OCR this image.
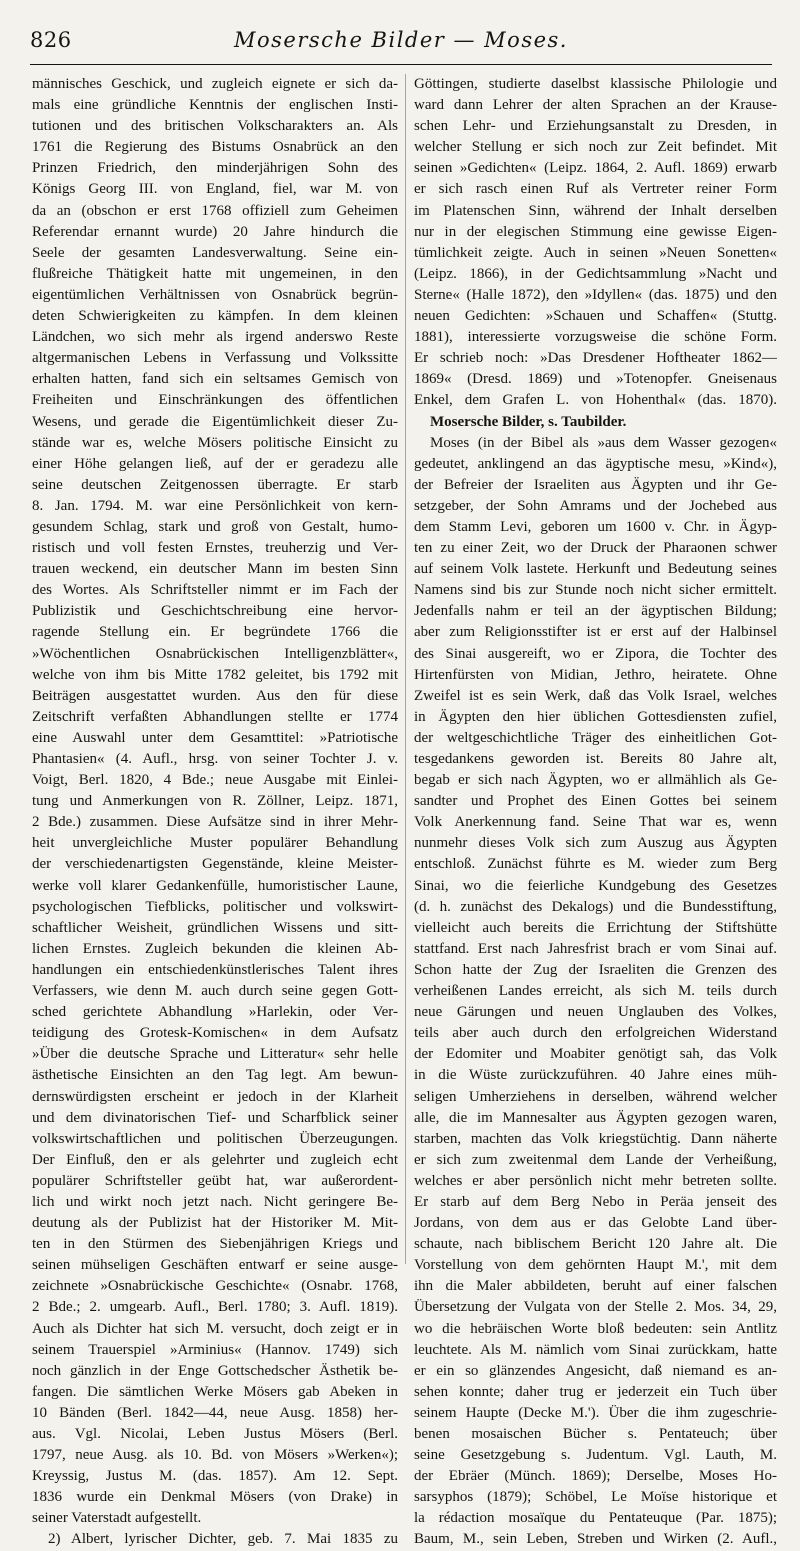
826	Mosersche Bilder — Moses.
männisches Geschick, und zugleich eignete er sich da-
mals eine gründliche Kenntnis der englischen Insti-
tutionen und des britischen Volkscharakters an. Als
1761 die Regierung des Bistums Osnabrück an den
Prinzen Friedrich, den minderjährigen Sohn des
Königs Georg III. von England, fiel, war M. von
da an (obschon er erst 1768 offiziell zum Geheimen
Referendar ernannt wurde) 20 Jahre hindurch die
Seele der gesamten Landesverwaltung. Seine ein-
flußreiche Thätigkeit hatte mit ungemeinen, in den
eigentümlichen Verhältnissen von Osnabrück begrün-
deten Schwierigkeiten zu kämpfen. In dem kleinen
Ländchen, wo sich mehr als irgend anderswo Reste
altgermanischen Lebens in Verfassung und Volkssitte
erhalten hatten, fand sich ein seltsames Gemisch von
Freiheiten und Einschränkungen des öffentlichen
Wesens, und gerade die Eigentümlichkeit dieser Zu-
stände war es, welche Mösers politische Einsicht zu
einer Höhe gelangen ließ, auf der er geradezu alle
seine deutschen Zeitgenossen überragte. Er starb
8. Jan. 1794. M. war eine Persönlichkeit von kern-
gesundem Schlag, stark und groß von Gestalt, humo-
ristisch und voll festen Ernstes, treuherzig und Ver-
trauen weckend, ein deutscher Mann im besten Sinn
des Wortes. Als Schriftsteller nimmt er im Fach der
Publizistik und Geschichtschreibung eine hervor-
ragende Stellung ein. Er begründete 1766 die
»Wöchentlichen Osnabrückischen Intelligenzblätter«,
welche von ihm bis Mitte 1782 geleitet, bis 1792 mit
Beiträgen ausgestattet wurden. Aus den für diese
Zeitschrift verfaßten Abhandlungen stellte er 1774
eine Auswahl unter dem Gesamttitel: »Patriotische
Phantasien« (4. Aufl., hrsg. von seiner Tochter J. v.
Voigt, Berl. 1820, 4 Bde.; neue Ausgabe mit Einlei-
tung und Anmerkungen von R. Zöllner, Leipz. 1871,
2 Bde.) zusammen. Diese Aufsätze sind in ihrer Mehr-
heit unvergleichliche Muster populärer Behandlung
der verschiedenartigsten Gegenstände, kleine Meister-
werke voll klarer Gedankenfülle, humoristischer Laune,
psychologischen Tiefblicks, politischer und volkswirt-
schaftlicher Weisheit, gründlichen Wissens und sitt-
lichen Ernstes. Zugleich bekunden die kleinen Ab-
handlungen ein entschiedenkünstlerisches Talent ihres
Verfassers, wie denn M. auch durch seine gegen Gott-
sched gerichtete Abhandlung »Harlekin, oder Ver-
teidigung des Grotesk-Komischen« in dem Aufsatz
»Über die deutsche Sprache und Litteratur« sehr helle
ästhetische Einsichten an den Tag legt. Am bewun-
dernswürdigsten erscheint er jedoch in der Klarheit
und dem divinatorischen Tief- und Scharfblick seiner
volkswirtschaftlichen und politischen Überzeugungen.
Der Einfluß, den er als gelehrter und zugleich echt
populärer Schriftsteller geübt hat, war außerordent-
lich und wirkt noch jetzt nach. Nicht geringere Be-
deutung als der Publizist hat der Historiker M. Mit-
ten in den Stürmen des Siebenjährigen Kriegs und
seinen mühseligen Geschäften entwarf er seine ausge-
zeichnete »Osnabrückische Geschichte« (Osnabr. 1768,
2 Bde.; 2. umgearb. Aufl., Berl. 1780; 3. Aufl. 1819).
Auch als Dichter hat sich M. versucht, doch zeigt er in
seinem Trauerspiel »Arminius« (Hannov. 1749) sich
noch gänzlich in der Enge Gottschedscher Ästhetik be-
fangen. Die sämtlichen Werke Mösers gab Abeken in
10 Bänden (Berl. 1842—44, neue Ausg. 1858) her-
aus. Vgl. Nicolai, Leben Justus Mösers (Berl.
1797, neue Ausg. als 10. Bd. von Mösers »Werken«);
Kreyssig, Justus M. (das. 1857). Am 12. Sept.
1836 wurde ein Denkmal Mösers (von Drake) in
seiner Vaterstadt aufgestellt.
2) Albert, lyrischer Dichter, geb. 7. Mai 1835 zu
Göttingen, studierte daselbst klassische Philologie und
ward dann Lehrer der alten Sprachen an der Krause-
schen Lehr- und Erziehungsanstalt zu Dresden, in
welcher Stellung er sich noch zur Zeit befindet. Mit
seinen »Gedichten« (Leipz. 1864, 2. Aufl. 1869) erwarb
er sich rasch einen Ruf als Vertreter reiner Form
im Platenschen Sinn, während der Inhalt derselben
nur in der elegischen Stimmung eine gewisse Eigen-
tümlichkeit zeigte. Auch in seinen »Neuen Sonetten«
(Leipz. 1866), in der Gedichtsammlung »Nacht und
Sterne« (Halle 1872), den »Idyllen« (das. 1875) und den
neuen Gedichten: »Schauen und Schaffen« (Stuttg.
1881), interessierte vorzugsweise die schöne Form.
Er schrieb noch: »Das Dresdener Hoftheater 1862—
1869« (Dresd. 1869) und »Totenopfer. Gneisenaus
Enkel, dem Grafen L. von Hohenthal« (das. 1870).
Mosersche Bilder, s. Taubilder.
Moses (in der Bibel als »aus dem Wasser gezogen«
gedeutet, anklingend an das ägyptische mesu, »Kind«),
der Befreier der Israeliten aus Ägypten und ihr Ge-
setzgeber, der Sohn Amrams und der Jochebed aus
dem Stamm Levi, geboren um 1600 v. Chr. in Ägyp-
ten zu einer Zeit, wo der Druck der Pharaonen schwer
auf seinem Volk lastete. Herkunft und Bedeutung seines
Namens sind bis zur Stunde noch nicht sicher ermittelt.
Jedenfalls nahm er teil an der ägyptischen Bildung;
aber zum Religionsstifter ist er erst auf der Halbinsel
des Sinai ausgereift, wo er Zipora, die Tochter des
Hirtenfürsten von Midian, Jethro, heiratete. Ohne
Zweifel ist es sein Werk, daß das Volk Israel, welches
in Ägypten den hier üblichen Gottesdiensten zufiel,
der weltgeschichtliche Träger des einheitlichen Got-
tesgedankens geworden ist. Bereits 80 Jahre alt,
begab er sich nach Ägypten, wo er allmählich als Ge-
sandter und Prophet des Einen Gottes bei seinem
Volk Anerkennung fand. Seine That war es, wenn
nunmehr dieses Volk sich zum Auszug aus Ägypten
entschloß. Zunächst führte es M. wieder zum Berg
Sinai, wo die feierliche Kundgebung des Gesetzes
(d. h. zunächst des Dekalogs) und die Bundesstiftung,
vielleicht auch bereits die Errichtung der Stiftshütte
stattfand. Erst nach Jahresfrist brach er vom Sinai auf.
Schon hatte der Zug der Israeliten die Grenzen des
verheißenen Landes erreicht, als sich M. teils durch
neue Gärungen und neuen Unglauben des Volkes,
teils aber auch durch den erfolgreichen Widerstand
der Edomiter und Moabiter genötigt sah, das Volk
in die Wüste zurückzuführen. 40 Jahre eines müh-
seligen Umherziehens in derselben, während welcher
alle, die im Mannesalter aus Ägypten gezogen waren,
starben, machten das Volk kriegstüchtig. Dann näherte
er sich zum zweitenmal dem Lande der Verheißung,
welches er aber persönlich nicht mehr betreten sollte.
Er starb auf dem Berg Nebo in Peräa jenseit des
Jordans, von dem aus er das Gelobte Land über-
schaute, nach biblischem Bericht 120 Jahre alt. Die
Vorstellung von dem gehörnten Haupt M.', mit dem
ihn die Maler abbildeten, beruht auf einer falschen
Übersetzung der Vulgata von der Stelle 2. Mos. 34, 29,
wo die hebräischen Worte bloß bedeuten: sein Antlitz
leuchtete. Als M. nämlich vom Sinai zurückkam, hatte
er ein so glänzendes Angesicht, daß niemand es an-
sehen konnte; daher trug er jederzeit ein Tuch über
seinem Haupte (Decke M.'). Über die ihm zugeschrie-
benen mosaischen Bücher s. Pentateuch; über
seine Gesetzgebung s. Judentum. Vgl. Lauth, M.
der Ebräer (Münch. 1869); Derselbe, Moses Ho-
sarsyphos (1879); Schöbel, Le Moïse historique et
la rédaction mosaïque du Pentateuque (Par. 1875);
Baum, M., sein Leben, Streben und Wirken (2. Aufl.,
